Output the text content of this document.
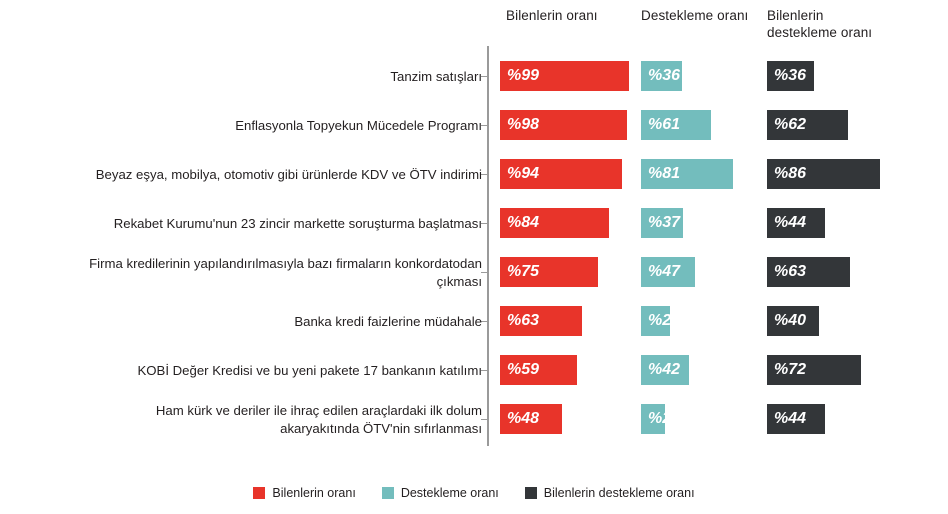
Bilenlerin oranı	Destekleme oranı	Bilenlerin
destekleme oranı
Tanzim satışları %99	%36	%36
Enflasyonla Topyekun Mücedele Programı %98	%61	%62
Beyaz eşya, mobilya, otomotiv gibi ürünlerde KDV ve ÖTV indirimi %94	%81	%86
Rekabet Kurumu'nun 23 zincir markette soruşturma başlatması %84	%37	%44
Firma kredilerinin yapılandırılmasıyla bazı firmaların konkordatodan çıkması
%75	%47	%63
Banka kredi faizlerine müdahale %63	%25	%40
KOBİ Değer Kredisi ve bu yeni pakete 17 bankanın katılımı %59	%42	%72
Ham kürk ve deriler ile ihraç edilen araçlardaki ilk dolum
akaryakıtında ÖTV'nin sıfırlanması
%48	%21	%44
Bilenlerin oranı	Destekleme oranı	Bilenlerin destekleme oranı
